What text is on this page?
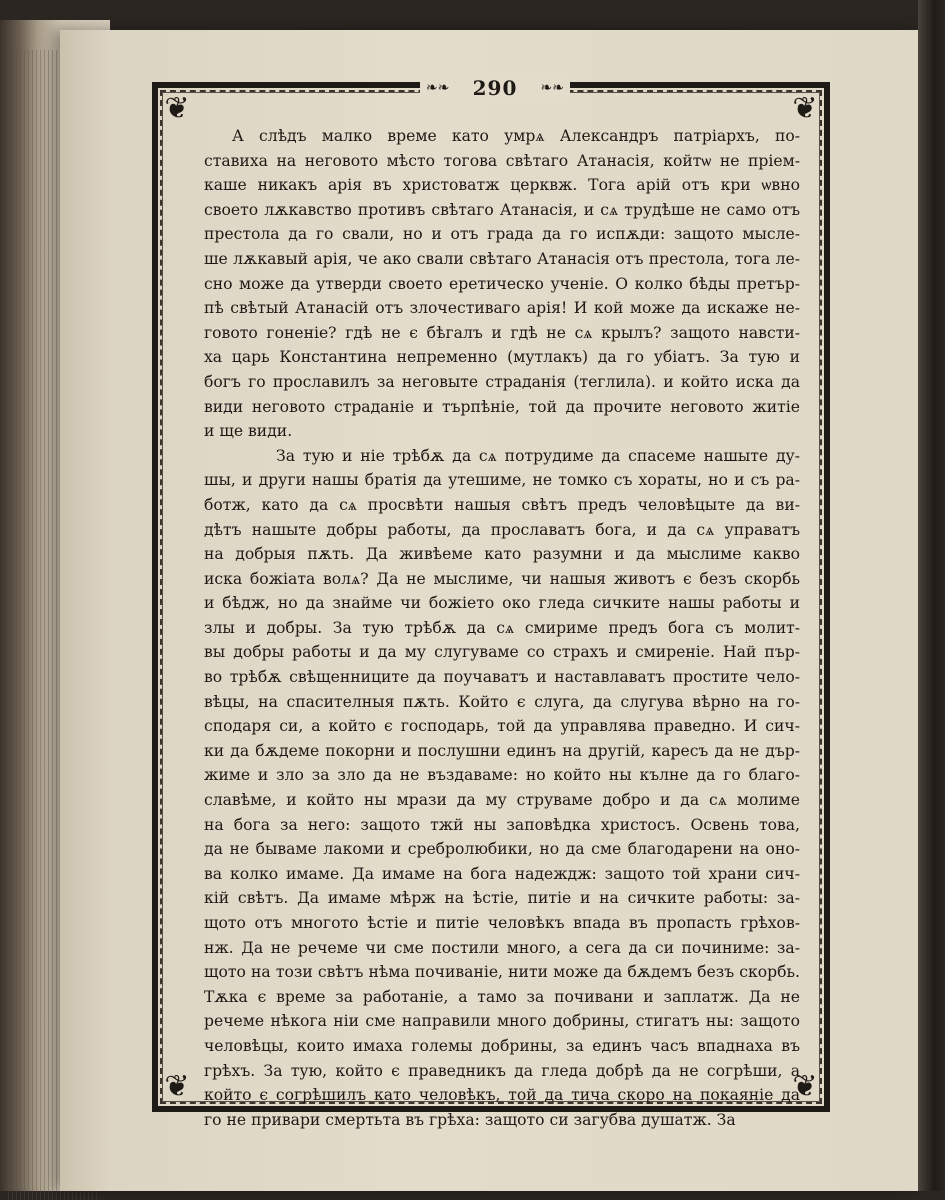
❦	❦
❦	❦
❧❧ 290 ❧❧
А слѣдъ малко време като умрѧ Александръ патріархъ, по-
ставиха на неговото мѣсто тогова свѣтаго Атанасія, койтѡ не пріем-
каше никакъ арія въ христоватж церквж. Тога арій отъ кри ѡвно
своето лѫкавство противъ свѣтаго Атанасія, и сѧ трудѣше не само отъ
престола да го свали, но и отъ града да го испѫди: защото мысле-
ше лѫкавый арія, че ако свали свѣтаго Атанасія отъ престола, тога ле-
сно може да утверди своето еретическо ученіе. О колко бѣды претър-
пѣ свѣтый Атанасій отъ злочестиваго арія! И кой може да искаже не-
говото гоненіе? гдѣ не є бѣгалъ и гдѣ не сѧ крылъ? защото навсти-
ха царь Константина непременно (мутлакъ) да го убіатъ. За тую и
богъ го прославилъ за неговыте страданія (теглила). и който иска да
види неговото страданіе и търпѣніе, той да прочите неговото житіе
и ще види.
За тую и ніе трѣбѫ да сѧ потрудиме да спасеме нашыте ду-
шы, и други нашы братія да утешиме, не томко съ хораты, но и съ ра-
ботж, като да сѧ просвѣти нашыя свѣтъ предъ человѣцыте да ви-
дѣтъ нашыте добры работы, да прославатъ бога, и да сѧ управатъ
на добрыя пѫть. Да живѣеме като разумни и да мыслиме какво
иска божіата волѧ? Да не мыслиме, чи нашыя животъ є безъ скорбь
и бѣдж, но да знайме чи божіето око гледа сичките нашы работы и
злы и добры. За тую трѣбѫ да сѧ смириме предъ бога съ молит-
вы добры работы и да му слугуваме со страхъ и смиреніе. Най пър-
во трѣбѫ свѣщенниците да поучаватъ и наставлаватъ простите чело-
вѣцы, на спасителныя пѫть. Който є слуга, да слугува вѣрно на го-
сподаря си, а който є господарь, той да управлява праведно. И сич-
ки да бѫдеме покорни и послушни единъ на другій, каресъ да не дър-
жиме и зло за зло да не въздаваме: но който ны кълне да го благо-
славѣме, и който ны мрази да му струваме добро и да сѧ молиме
на бога за него: защото тжй ны заповѣдка христосъ. Освень това,
да не бываме лакоми и сребролюбики, но да сме благодарени на оно-
ва колко имаме. Да имаме на бога надеждж: защото той храни сич-
кій свѣтъ. Да имаме мѣрж на ѣстіе, питіе и на сичките работы: за-
щото отъ многото ѣстіе и питіе человѣкъ впада въ пропасть грѣхов-
нж. Да не речеме чи сме постили много, а сега да си починиме: за-
щото на този свѣтъ нѣма почиваніе, нити може да бѫдемъ безъ скорбь.
Тѫка є време за работаніе, а тамо за почивани и заплатж. Да не
речеме нѣкога нiи сме направили много добрины, стигатъ ны: защото
человѣцы, които имаха големы добрины, за единъ часъ впаднаха въ
грѣхъ. За тую, който є праведникъ да гледа добрѣ да не согрѣши, а
който є согрѣшилъ като человѣкъ, той да тича скоро на покаяніе да
го не привари смертьта въ грѣха: защото си загубва душатж. За
